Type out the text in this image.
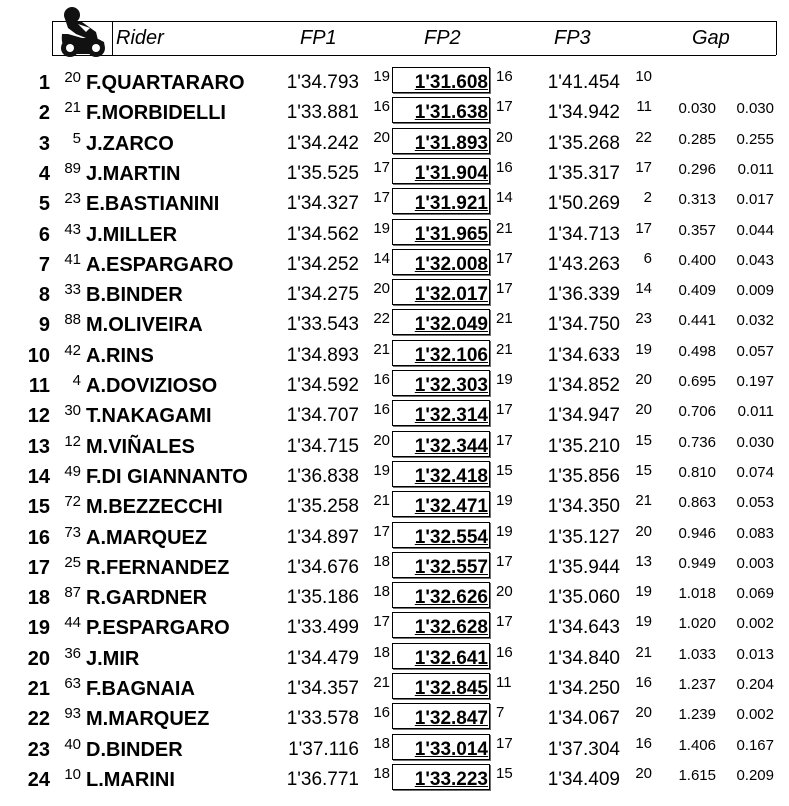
Rider	FP1	FP2	FP3	Gap
1 20 F.QUARTARARO	1'34.793 19	1'31.608 16	1'41.454	10
2 21 F.MORBIDELLI	1'33.881 16	1'31.638 17	1'34.942	11	0.030	0.030
3	5 J.ZARCO	1'34.242 20	1'31.893 20	1'35.268	22	0.285	0.255
4 89 J.MARTIN	1'35.525 17	1'31.904 16	1'35.317	17	0.296	0.011
5 23 E.BASTIANINI	1'34.327 17	1'31.921 14	1'50.269	2	0.313	0.017
6 43 J.MILLER	1'34.562 19	1'31.965 21	1'34.713	17	0.357	0.044
7 41 A.ESPARGARO	1'34.252 14	1'32.008 17	1'43.263	6	0.400	0.043
8 33 B.BINDER	1'34.275 20	1'32.017 17	1'36.339	14	0.409	0.009
9 88 M.OLIVEIRA	1'33.543 22	1'32.049 21	1'34.750	23	0.441	0.032
10 42 A.RINS	1'34.893 21	1'32.106 21	1'34.633	19	0.498	0.057
11	4 A.DOVIZIOSO	1'34.592 16	1'32.303 19	1'34.852	20	0.695	0.197
12 30 T.NAKAGAMI	1'34.707 16	1'32.314 17	1'34.947	20	0.706	0.011
13 12 M.VIÑALES	1'34.715 20	1'32.344 17	1'35.210	15	0.736	0.030
14 49 F.DI GIANNANTO	1'36.838 19	1'32.418 15	1'35.856	15	0.810	0.074
15 72 M.BEZZECCHI	1'35.258 21	1'32.471 19	1'34.350	21	0.863	0.053
16 73 A.MARQUEZ	1'34.897 17	1'32.554 19	1'35.127	20	0.946	0.083
17 25 R.FERNANDEZ	1'34.676 18	1'32.557 17	1'35.944	13	0.949	0.003
18 87 R.GARDNER	1'35.186 18	1'32.626 20	1'35.060	19	1.018	0.069
19 44 P.ESPARGARO	1'33.499 17	1'32.628 17	1'34.643	19	1.020	0.002
20 36 J.MIR	1'34.479 18	1'32.641 16	1'34.840	21	1.033	0.013
21 63 F.BAGNAIA	1'34.357 21	1'32.845 11	1'34.250	16	1.237	0.204
22 93 M.MARQUEZ	1'33.578 16	1'32.847 7	1'34.067	20	1.239	0.002
23 40 D.BINDER	1'37.116 18	1'33.014 17	1'37.304	16	1.406	0.167
24 10 L.MARINI	1'36.771 18	1'33.223 15	1'34.409	20	1.615	0.209
